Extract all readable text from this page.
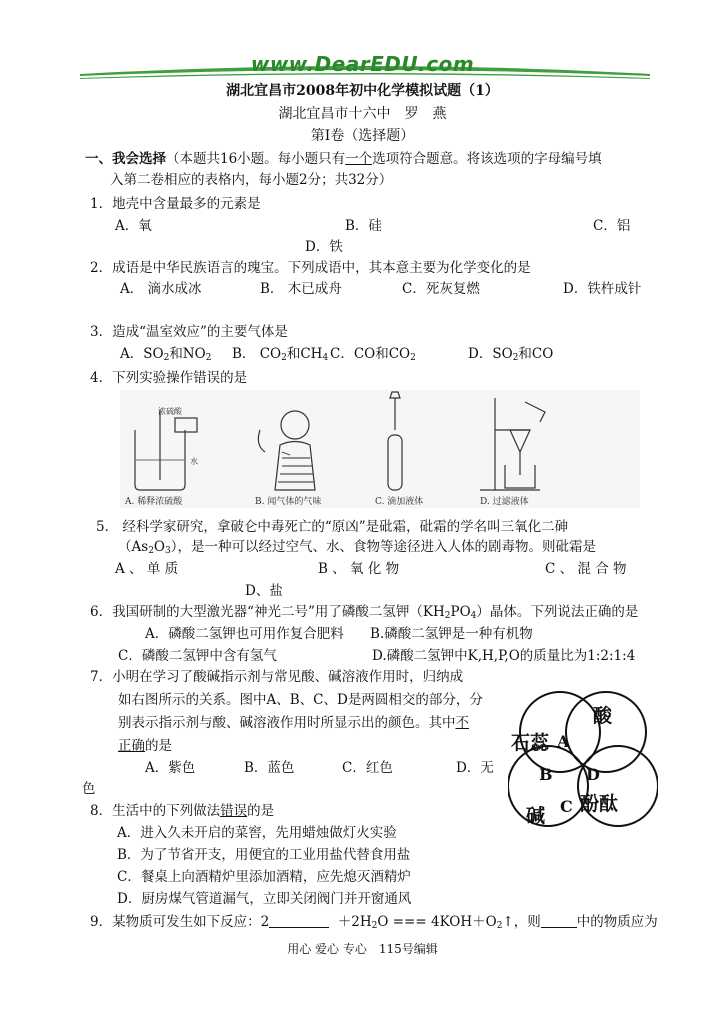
www.DearEDU.com
湖北宜昌市2008年初中化学模拟试题（1）
湖北宜昌市十六中　罗　燕
第Ⅰ卷（选择题）
一、我会选择（本题共16小题。每小题只有一个选项符合题意。将该选项的字母编号填
入第二卷相应的表格内，每小题2分；共32分）
1．地壳中含量最多的元素是
A．氧	B．硅	C．铝
D．铁
2．成语是中华民族语言的瑰宝。下列成语中，其本意主要为化学变化的是
A． 滴水成冰	B． 木已成舟	C．死灰复燃	D．铁杵成针
3．造成“温室效应”的主要气体是
A．$SO_2$和$NO_2$ B． $CO_2$和$CH_4$ C．CO和$CO_2$	D．$SO_2$和CO
4．下列实验操作错误的是
浓硫酸
水
A. 稀释浓硫酸	B. 闻气体的气味	C. 滴加液体	D. 过滤液体
5． 经科学家研究，拿破仑中毒死亡的“原凶”是砒霜，砒霜的学名叫三氧化二砷
$(As_2O_3)$，是一种可以经过空气、水、食物等途径进入人体的剧毒物。则砒霜是
A 、 单 质	B 、 氧 化 物	C 、 混 合 物
D、盐
6．我国研制的大型激光器“神光二号”用了磷酸二氢钾$(KH_2PO_4)$晶体。下列说法正确的是
A．磷酸二氢钾也可用作复合肥料 B.磷酸二氢钾是一种有机物
C．磷酸二氢钾中含有氢气	D.磷酸二氢钾中K,H,P,O的质量比为1:2:1:4
7．小明在学习了酸碱指示剂与常见酸、碱溶液作用时，归纳成
如右图所示的关系。图中A、B、C、D是两圆相交的部分，分
别表示指示剂与酸、碱溶液作用时所显示出的颜色。其中不
正确的是
A．紫色	B．蓝色	C．红色	D．无
色
石蕊
酸
碱
酚酞
A
B
C
D
8．生活中的下列做法错误的是
A．进入久未开启的菜窖，先用蜡烛做灯火实验
B．为了节省开支，用便宜的工业用盐代替食用盐
C．餐桌上向酒精炉里添加酒精，应先熄灭酒精炉
D．厨房煤气管道漏气，立即关闭阀门并开窗通风
9．某物质可发生如下反应：2	$+2H_2O$ === $4KOH+O_2↑$，则	中的物质应为
用心 爱心 专心　115号编辑
